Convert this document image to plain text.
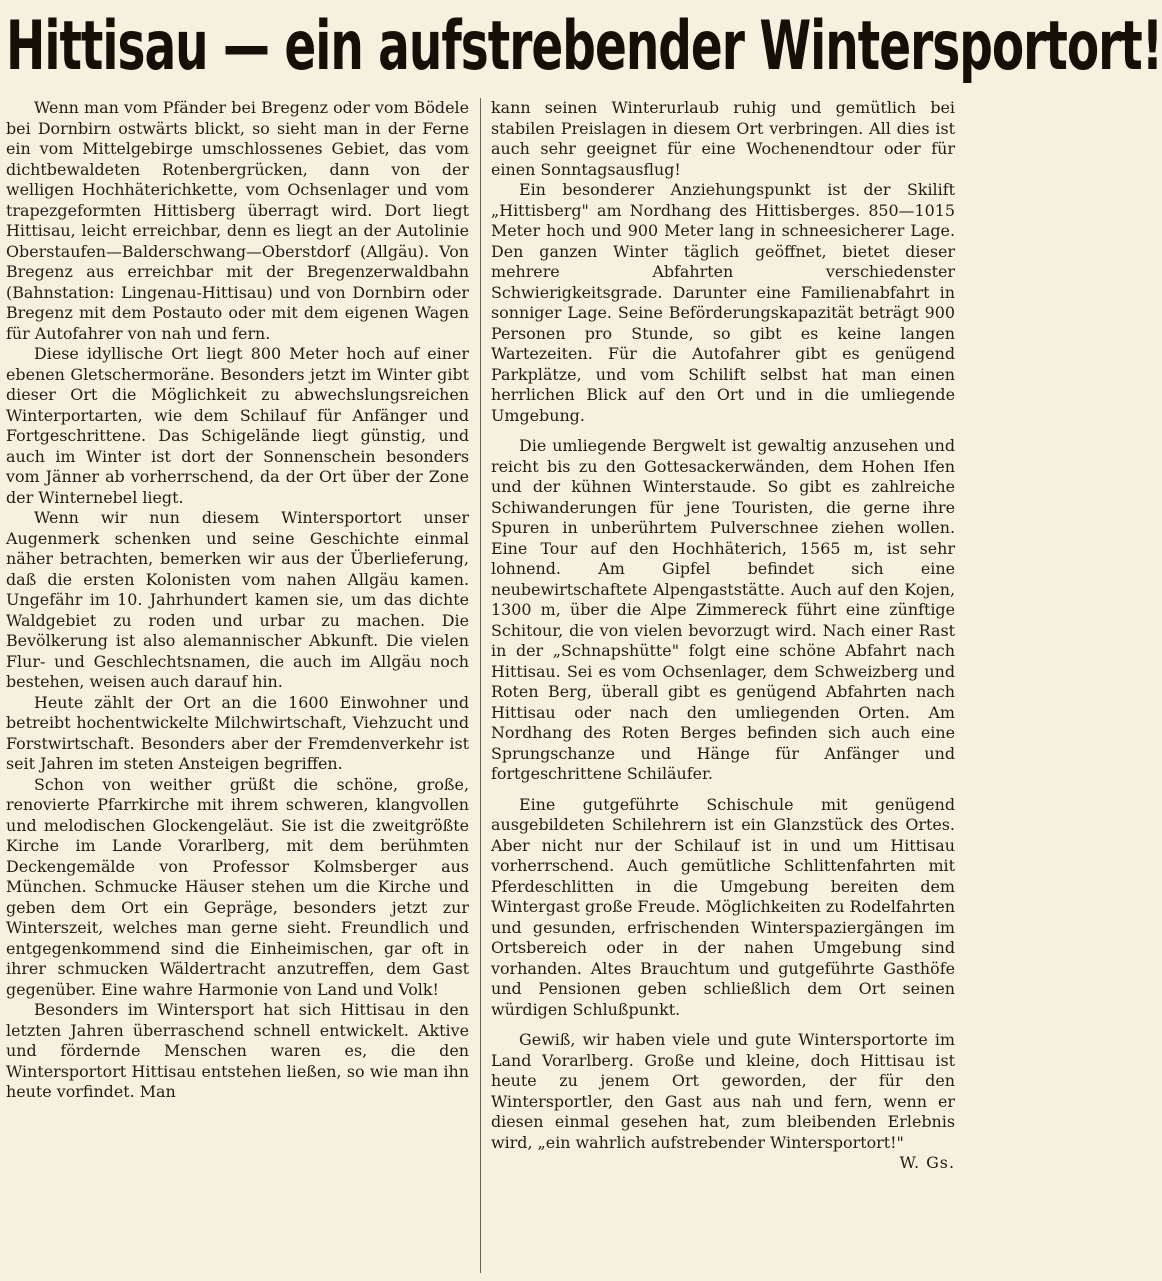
Hittisau — ein aufstrebender Wintersportort!

Wenn man vom Pfänder bei Bregenz oder vom Bödele bei Dornbirn ostwärts blickt, so sieht man in der Ferne ein vom Mittelgebirge umschlossenes Gebiet, das vom dichtbewaldeten Rotenbergrücken, dann von der welligen Hochhäterichkette, vom Ochsenlager und vom trapezgeformten Hittisberg überragt wird. Dort liegt Hittisau, leicht erreichbar, denn es liegt an der Autolinie Oberstaufen—Balderschwang—Oberstdorf (Allgäu). Von Bregenz aus erreichbar mit der Bregenzerwaldbahn (Bahnstation: Lingenau-Hittisau) und von Dornbirn oder Bregenz mit dem Postauto oder mit dem eigenen Wagen für Autofahrer von nah und fern.

Diese idyllische Ort liegt 800 Meter hoch auf einer ebenen Gletschermoräne. Besonders jetzt im Winter gibt dieser Ort die Möglichkeit zu abwechslungsreichen Winterportarten, wie dem Schilauf für Anfänger und Fortgeschrittene. Das Schigelände liegt günstig, und auch im Winter ist dort der Sonnenschein besonders vom Jänner ab vorherrschend, da der Ort über der Zone der Winternebel liegt.

Wenn wir nun diesem Wintersportort unser Augenmerk schenken und seine Geschichte einmal näher betrachten, bemerken wir aus der Überlieferung, daß die ersten Kolonisten vom nahen Allgäu kamen. Ungefähr im 10. Jahrhundert kamen sie, um das dichte Waldgebiet zu roden und urbar zu machen. Die Bevölkerung ist also alemannischer Abkunft. Die vielen Flur- und Geschlechtsnamen, die auch im Allgäu noch bestehen, weisen auch darauf hin.

Heute zählt der Ort an die 1600 Einwohner und betreibt hochentwickelte Milchwirtschaft, Viehzucht und Forstwirtschaft. Besonders aber der Fremdenverkehr ist seit Jahren im steten Ansteigen begriffen.

Schon von weither grüßt die schöne, große, renovierte Pfarrkirche mit ihrem schweren, klangvollen und melodischen Glockengeläut. Sie ist die zweitgrößte Kirche im Lande Vorarlberg, mit dem berühmten Deckengemälde von Professor Kolmsberger aus München. Schmucke Häuser stehen um die Kirche und geben dem Ort ein Gepräge, besonders jetzt zur Winterszeit, welches man gerne sieht. Freundlich und entgegenkommend sind die Einheimischen, gar oft in ihrer schmucken Wäldertracht anzutreffen, dem Gast gegenüber. Eine wahre Harmonie von Land und Volk!

Besonders im Wintersport hat sich Hittisau in den letzten Jahren überraschend schnell entwickelt. Aktive und fördernde Menschen waren es, die den Wintersportort Hittisau entstehen ließen, so wie man ihn heute vorfindet. Man

kann seinen Winterurlaub ruhig und gemütlich bei stabilen Preislagen in diesem Ort verbringen. All dies ist auch sehr geeignet für eine Wochenendtour oder für einen Sonntagsausflug!

Ein besonderer Anziehungspunkt ist der Skilift „Hittisberg" am Nordhang des Hittisberges. 850—1015 Meter hoch und 900 Meter lang in schneesicherer Lage. Den ganzen Winter täglich geöffnet, bietet dieser mehrere Abfahrten verschiedenster Schwierigkeitsgrade. Darunter eine Familienabfahrt in sonniger Lage. Seine Beförderungskapazität beträgt 900 Personen pro Stunde, so gibt es keine langen Wartezeiten. Für die Autofahrer gibt es genügend Parkplätze, und vom Schilift selbst hat man einen herrlichen Blick auf den Ort und in die umliegende Umgebung.

Die umliegende Bergwelt ist gewaltig anzusehen und reicht bis zu den Gottesackerwänden, dem Hohen Ifen und der kühnen Winterstaude. So gibt es zahlreiche Schiwanderungen für jene Touristen, die gerne ihre Spuren in unberührtem Pulverschnee ziehen wollen. Eine Tour auf den Hochhäterich, 1565 m, ist sehr lohnend. Am Gipfel befindet sich eine neubewirtschaftete Alpengaststätte. Auch auf den Kojen, 1300 m, über die Alpe Zimmereck führt eine zünftige Schitour, die von vielen bevorzugt wird. Nach einer Rast in der „Schnapshütte" folgt eine schöne Abfahrt nach Hittisau. Sei es vom Ochsenlager, dem Schweizberg und Roten Berg, überall gibt es genügend Abfahrten nach Hittisau oder nach den umliegenden Orten. Am Nordhang des Roten Berges befinden sich auch eine Sprungschanze und Hänge für Anfänger und fortgeschrittene Schiläufer.

Eine gutgeführte Schischule mit genügend ausgebildeten Schilehrern ist ein Glanzstück des Ortes. Aber nicht nur der Schilauf ist in und um Hittisau vorherrschend. Auch gemütliche Schlittenfahrten mit Pferdeschlitten in die Umgebung bereiten dem Wintergast große Freude. Möglichkeiten zu Rodelfahrten und gesunden, erfrischenden Winterspaziergängen im Ortsbereich oder in der nahen Umgebung sind vorhanden. Altes Brauchtum und gutgeführte Gasthöfe und Pensionen geben schließlich dem Ort seinen würdigen Schlußpunkt.

Gewiß, wir haben viele und gute Wintersportorte im Land Vorarlberg. Große und kleine, doch Hittisau ist heute zu jenem Ort geworden, der für den Wintersportler, den Gast aus nah und fern, wenn er diesen einmal gesehen hat, zum bleibenden Erlebnis wird, „ein wahrlich aufstrebender Wintersportort!"
W. Gs.
